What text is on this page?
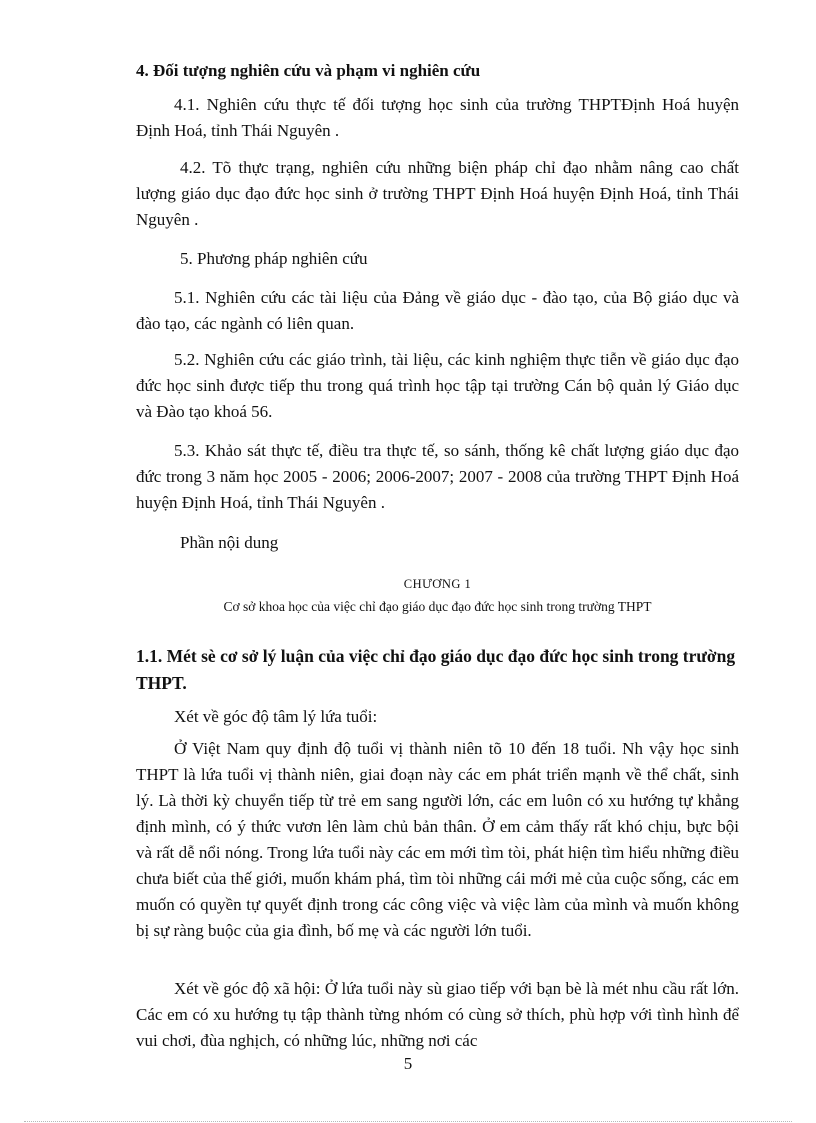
4. Đối tượng nghiên cứu và phạm vi nghiên cứu

4.1. Nghiên cứu thực tế đối tượng học sinh của trường THPTĐịnh Hoá huyện Định Hoá, tỉnh Thái Nguyên .

4.2. Tõ thực trạng, nghiên cứu những biện pháp chỉ đạo nhằm nâng cao chất lượng giáo dục đạo đức học sinh ở trường THPT Định Hoá huyện Định Hoá, tỉnh Thái Nguyên .

5. Phương pháp nghiên cứu

5.1. Nghiên cứu các tài liệu của Đảng về giáo dục - đào tạo, của Bộ giáo dục và đào tạo, các ngành có liên quan.

5.2. Nghiên cứu các giáo trình, tài liệu, các kinh nghiệm thực tiễn về giáo dục đạo đức học sinh được tiếp thu trong quá trình học tập tại trường Cán bộ quản lý Giáo dục và Đào tạo khoá 56.

5.3. Khảo sát thực tế, điều tra thực tế, so sánh, thống kê chất lượng giáo dục đạo đức trong 3 năm học 2005 - 2006; 2006-2007; 2007 - 2008 của trường THPT Định Hoá huyện Định Hoá, tỉnh Thái Nguyên .

Phần nội dung

CHƯƠNG 1

Cơ sở khoa học của việc chỉ đạo giáo dục đạo đức học sinh trong trường THPT

1.1. Mét sè cơ sở lý luận của việc chỉ đạo giáo dục đạo đức học sinh trong trường THPT.

Xét về góc độ tâm lý lứa tuổi:

Ở Việt Nam quy định độ tuổi vị thành niên tõ 10 đến 18 tuổi. Nh vậy học sinh THPT là lứa tuổi vị thành niên, giai đoạn này các em phát triển mạnh về thể chất, sinh lý. Là thời kỳ chuyển tiếp từ trẻ em sang người lớn, các em luôn có xu hướng tự khẳng định mình, có ý thức vươn lên làm chủ bản thân. Ở em cảm thấy rất khó chịu, bực bội và rất dễ nổi nóng. Trong lứa tuổi này các em mới tìm tòi, phát hiện tìm hiểu những điều chưa biết của thế giới, muốn khám phá, tìm tòi những cái mới mẻ của cuộc sống, các em muốn có quyền tự quyết định trong các công việc và việc làm của mình và muốn không bị sự ràng buộc của gia đình, bố mẹ và các người lớn tuổi.

Xét về góc độ xã hội: Ở lứa tuổi này sù giao tiếp với bạn bè là mét nhu cầu rất lớn. Các em có xu hướng tụ tập thành từng nhóm có cùng sở thích, phù hợp với tình hình để vui chơi, đùa nghịch, có những lúc, những nơi các

5
